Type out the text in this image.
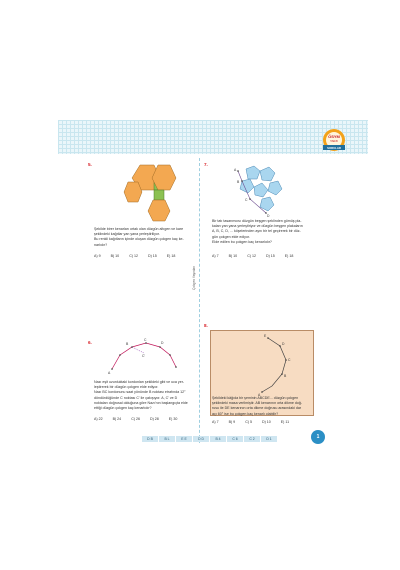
ÖSYM
TARZI
SORULAR
Çokgen Yayınları
5.
Şekilde birer kenarları ortak olan düzgün altıgen ve kare
şeklindeki kağıtlar yan yana yerleştiriliyor.
Bu renkli kağıtların içinde oluşan düzgün çokgen kaç ke-
narlıdır?
A) 9	B) 10	C) 12	D) 15	E) 18
7.
A
B
C
D
Bir tatı tasarımcısı düzgün beşgen şeklinden gümüş pla-
kaları yan yana yerleştiriyor ve düzgün beşgen plakaların
A, B, C, D, ... köşelerinden aynı bir tel geçirerek bir düz-
gün çokgen elde ediyor.
Elde edilen bu çokgen kaç kenarlıdır?
A) 7	B) 10	C) 12	D) 15	E) 18
6.
A
B
C
C'
D
Nazı eşit uzunluktaki kordonları şekildeki gibi ve uca yer-
leştirerek bir düzgün çokgen elde ediyor.
Nazı BC kordonunu saat yönünde B noktası etrafında 12°
döndürdüğünde C noktası C' ile çakışıyor. A, C' ve D
noktaları doğrusal olduğuna göre Nazı'nın başlangıçta elde
ettiği düzgün çokgen kaç kenarlıdır?
A) 22	B) 24	C) 26	D) 28	E) 30
8.
E
D
C
B
A
Şekildeki kâğıda bir şeminin ABCDE... düzgün çokgen
şeklindeki masa verilmiştir. AB kenarının orta dikme doğ-
rusu ile DE kenarının orta dikme doğrusu arasındaki dar
açı 60° ise bu çokgen kaç kenarlı olabilir?
A) 7	B) 9	C) 5	D) 10	E) 11
D B	B L	E E	D D	B 4	C 6	C 2	D 1	1
